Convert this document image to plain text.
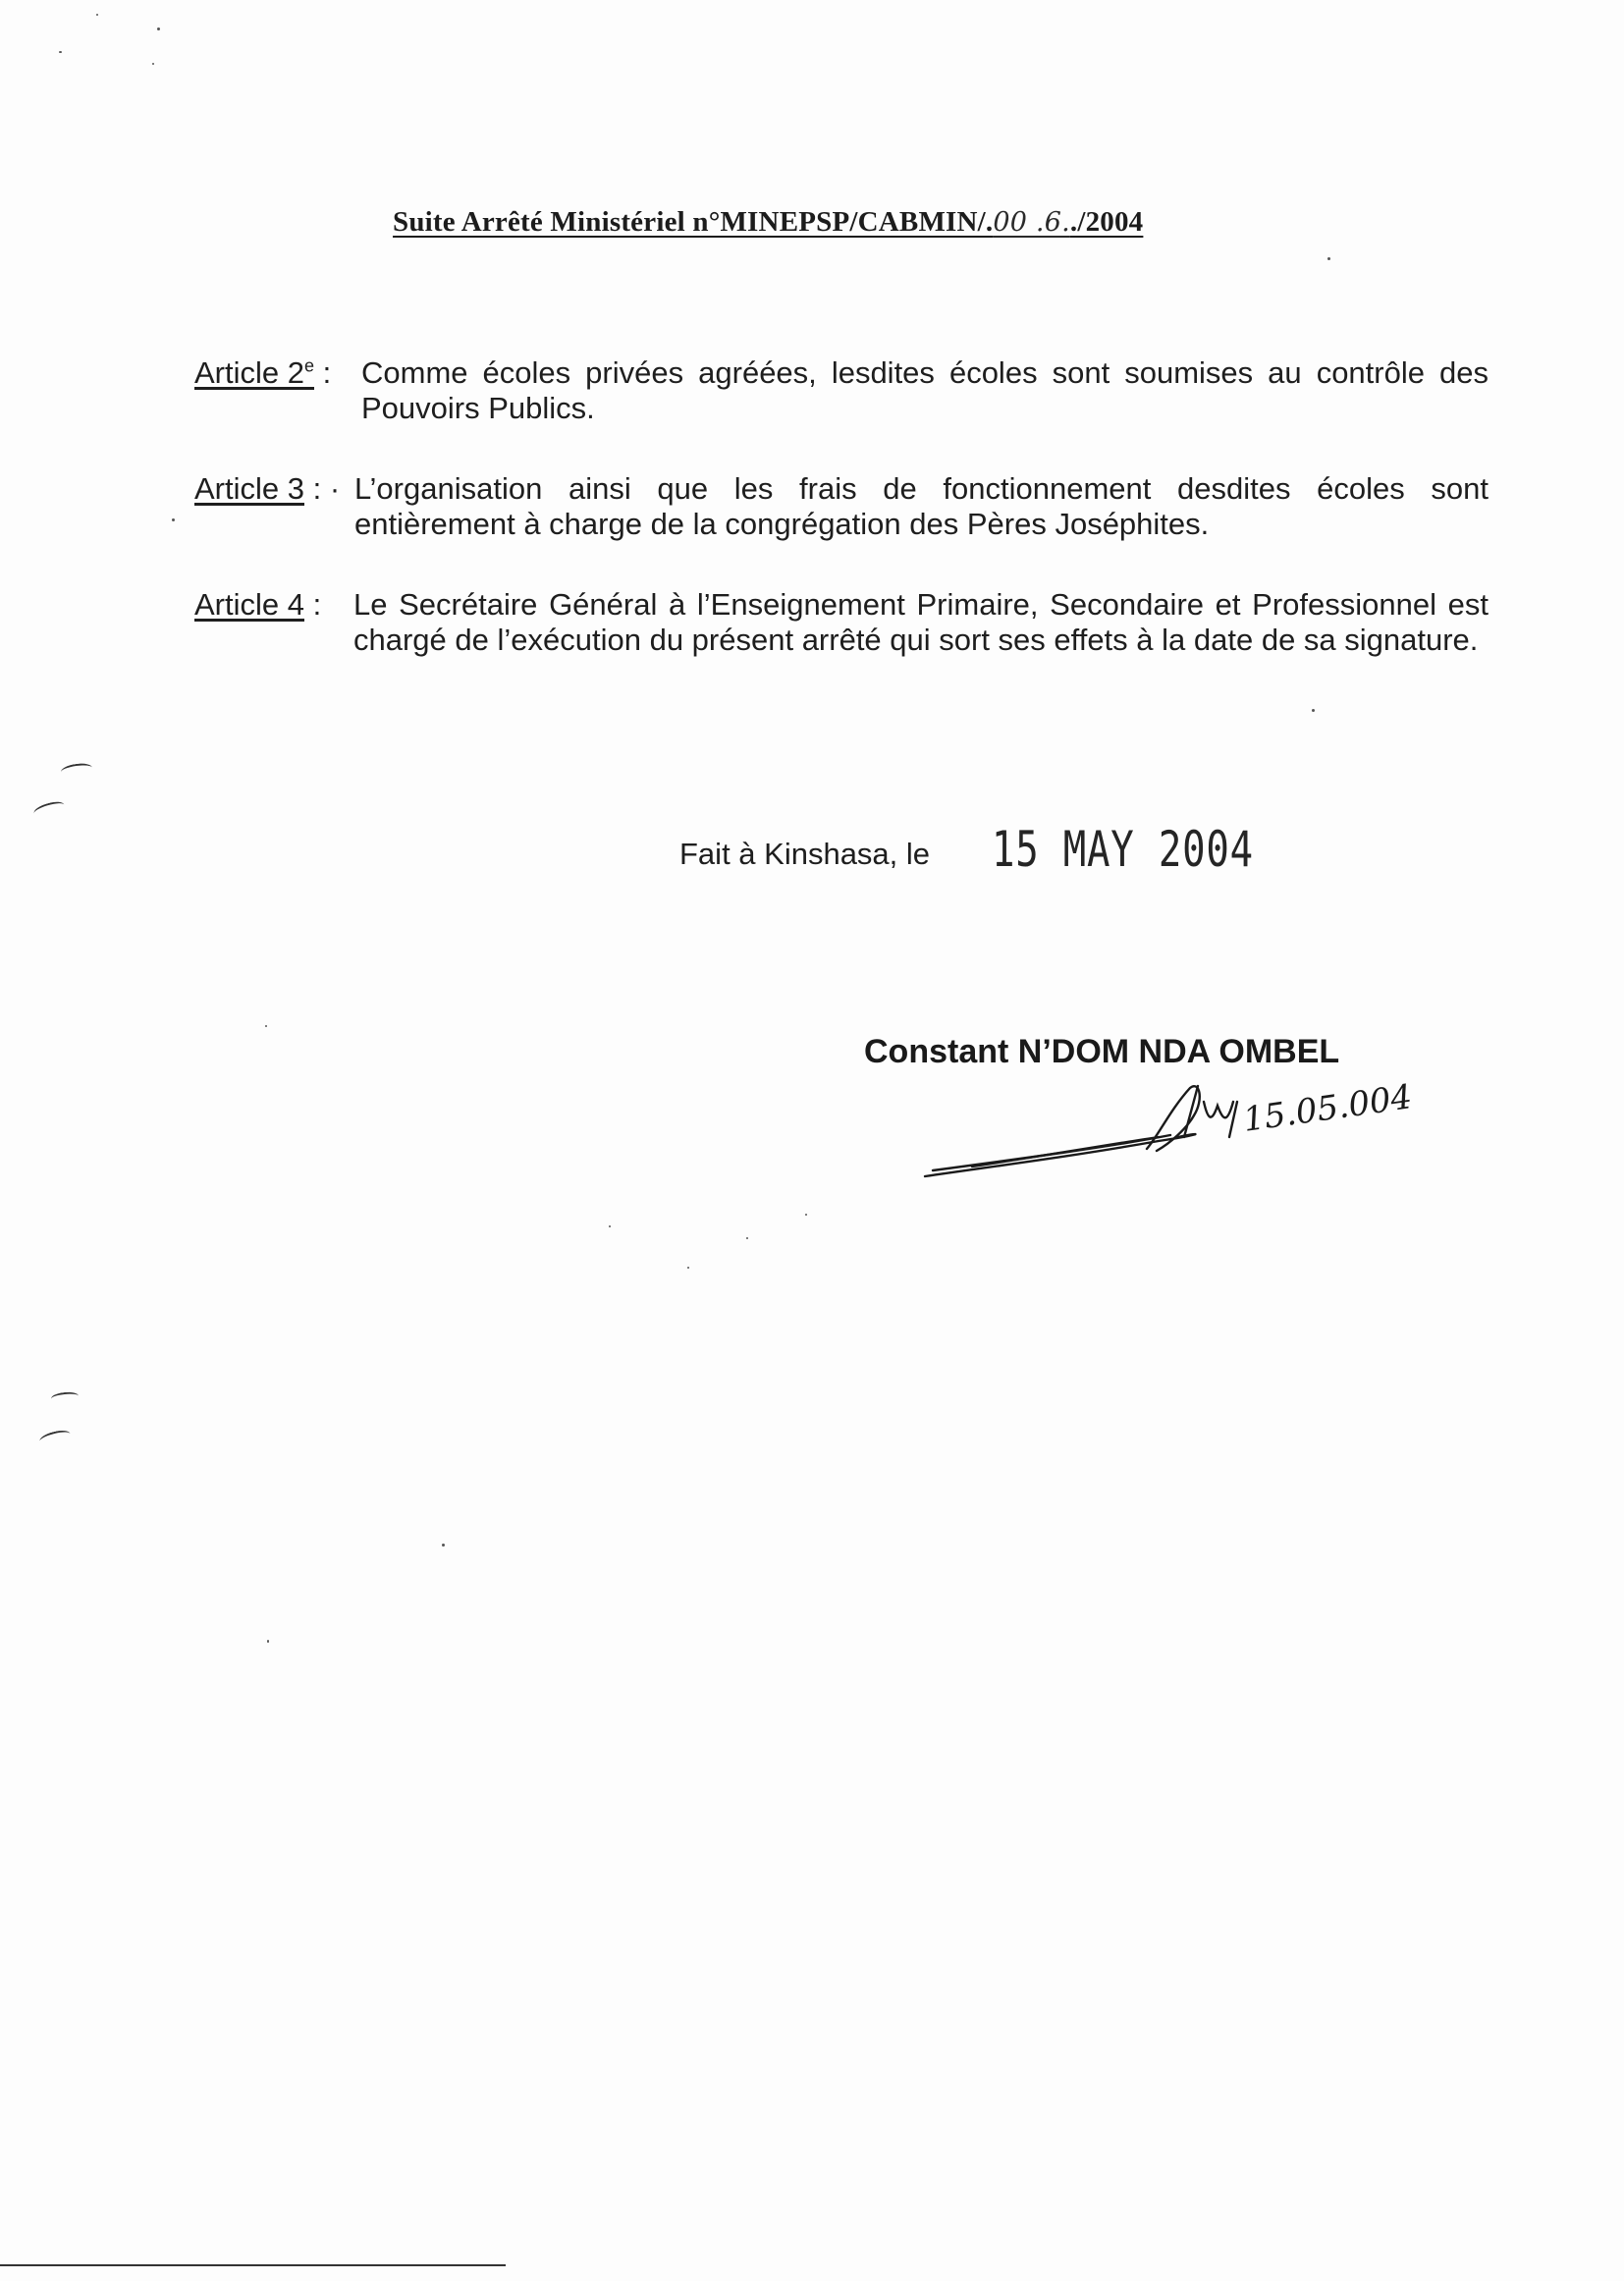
Suite Arrêté Ministériel n°MINEPSP/CABMIN/.00​ .6../2004
Article 2e : Comme écoles privées agréées, lesdites écoles sont soumises au contrôle des Pouvoirs Publics.
Article 3 : · L’organisation ainsi que les frais de fonctionnement desdites écoles sont entièrement à charge de la congrégation des Pères Joséphites.
Article 4 : Le Secrétaire Général à l’Enseignement Primaire, Secondaire et Professionnel est chargé de l’exécution du présent arrêté qui sort ses effets à la date de sa signature.
Fait à Kinshasa, le 15 MAY 2004
Constant N’DOM NDA OMBEL
15.05.004
